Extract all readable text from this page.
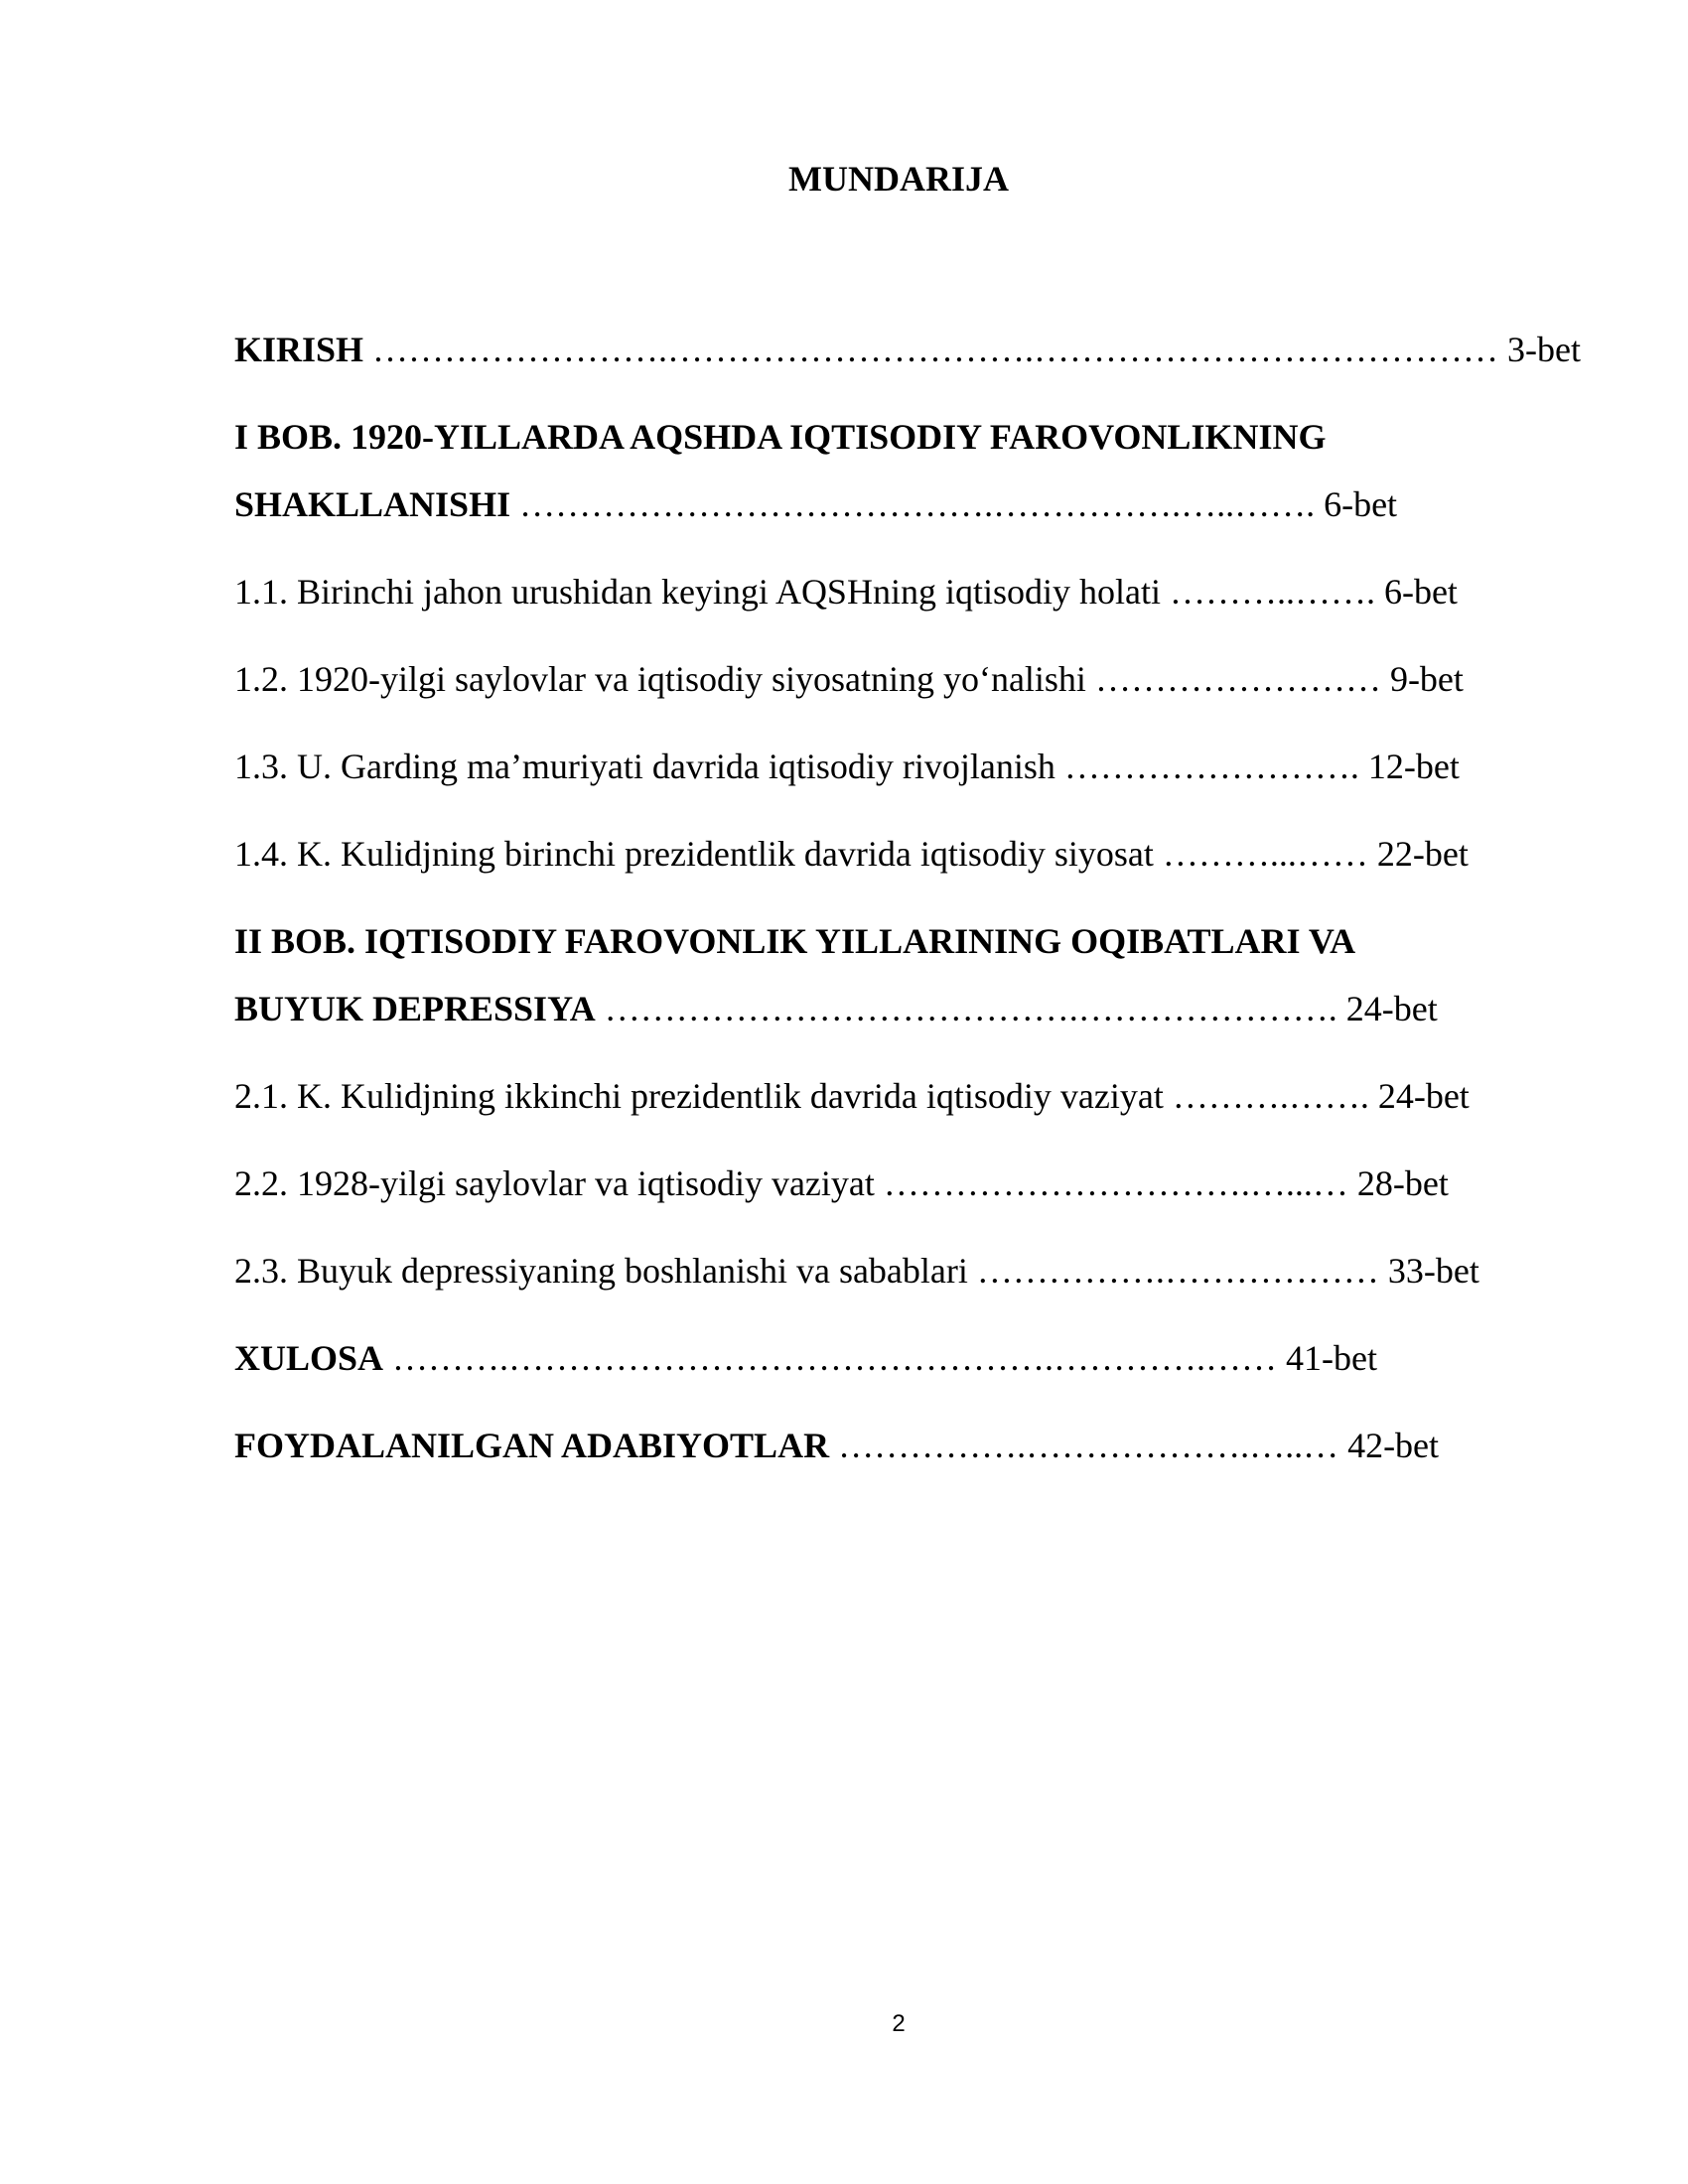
MUNDARIJA
KIRISH …………………….………………………….………………………………… 3-bet
I BOB. 1920-YILLARDA AQSHDA IQTISODIY FAROVONLIKNING
SHAKLLANISHI ………………………………….…………….…..……. 6-bet
1.1. Birinchi jahon urushidan keyingi AQSHning iqtisodiy holati ………..……. 6-bet
1.2. 1920-yilgi saylovlar va iqtisodiy siyosatning yo‘nalishi …………………… 9-bet
1.3. U. Garding ma’muriyati davrida iqtisodiy rivojlanish ……………………. 12-bet
1.4. K. Kulidjning birinchi prezidentlik davrida iqtisodiy siyosat ………...…… 22-bet
II BOB. IQTISODIY FAROVONLIK YILLARINING OQIBATLARI VA
BUYUK DEPRESSIYA ………………………………….…………………. 24-bet
2.1. K. Kulidjning ikkinchi prezidentlik davrida iqtisodiy vaziyat ……….……. 24-bet
2.2. 1928-yilgi saylovlar va iqtisodiy vaziyat ………………………….…...… 28-bet
2.3. Buyuk depressiyaning boshlanishi va sabablari …………….……………… 33-bet
XULOSA ……….……………………………………….………….…… 41-bet
FOYDALANILGAN ADABIYOTLAR …………….……………….…..… 42-bet
2
